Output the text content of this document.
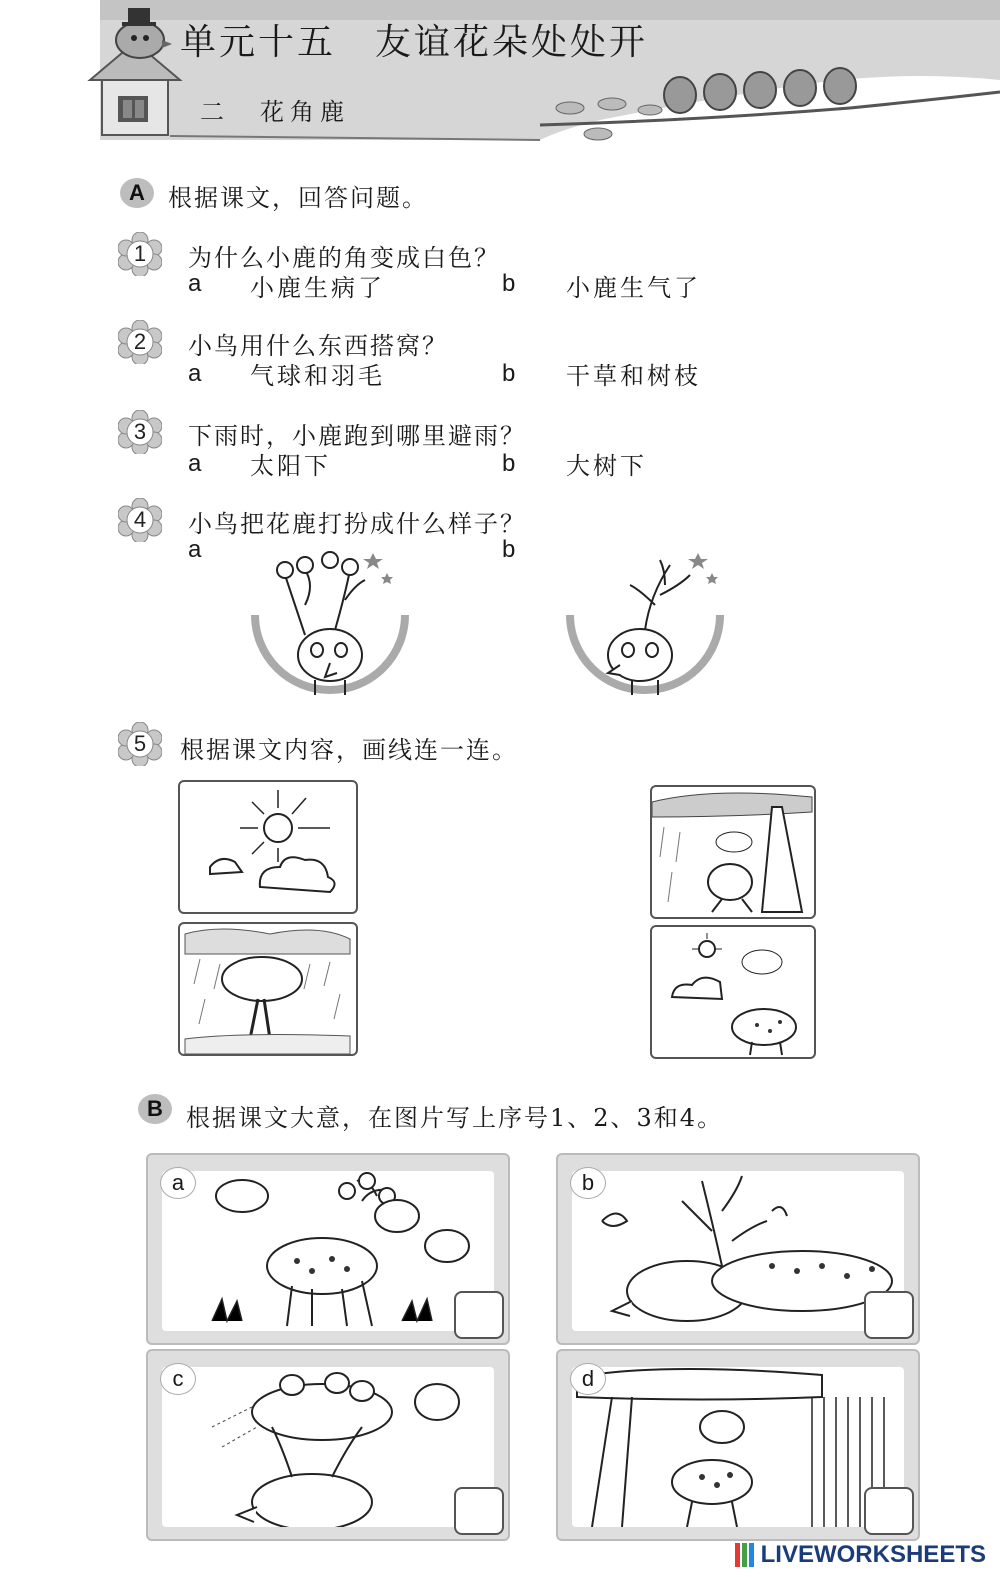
单元十五　友谊花朵处处开
二　花角鹿
A 根据课文，回答问题。
1	为什么小鹿的角变成白色？
a 小鹿生病了	b 小鹿生气了
2	小鸟用什么东西搭窝？
a 气球和羽毛	b 干草和树枝
3	下雨时，小鹿跑到哪里避雨？
a 太阳下	b 大树下
4	小鸟把花鹿打扮成什么样子？
a	b
5	根据课文内容，画线连一连。
B 根据课文大意，在图片写上序号1、2、3和4。
a	b
c	d
LIVEWORKSHEETS
